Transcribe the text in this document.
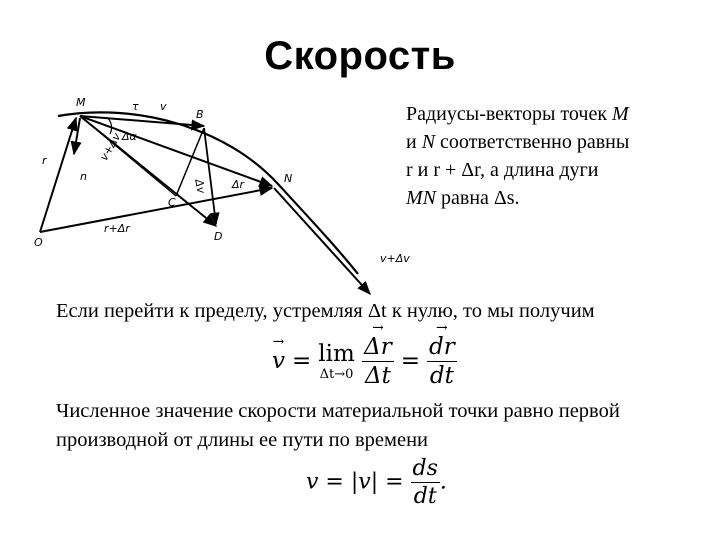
Скорость
M
B
N
O
C
D
τ v
Δα
v+Δv
Δv Δr
r+Δr
r
n
v+Δv
Радиусы-векторы точек M
и N соответственно равны
r и r + Δr, а длина дуги
MN равна Δs.
Если перейти к пределу, устремляя Δt к нулю, то мы получим
→ v = lim
Δt→0
→ $\frac{\Delta r}{\Delta t}$ = → $\frac{dr}{dt}$
Численное значение скорости материальной точки равно первой производной от длины ее пути по времени
$v = |v| = \frac{ds}{dt}$ .
